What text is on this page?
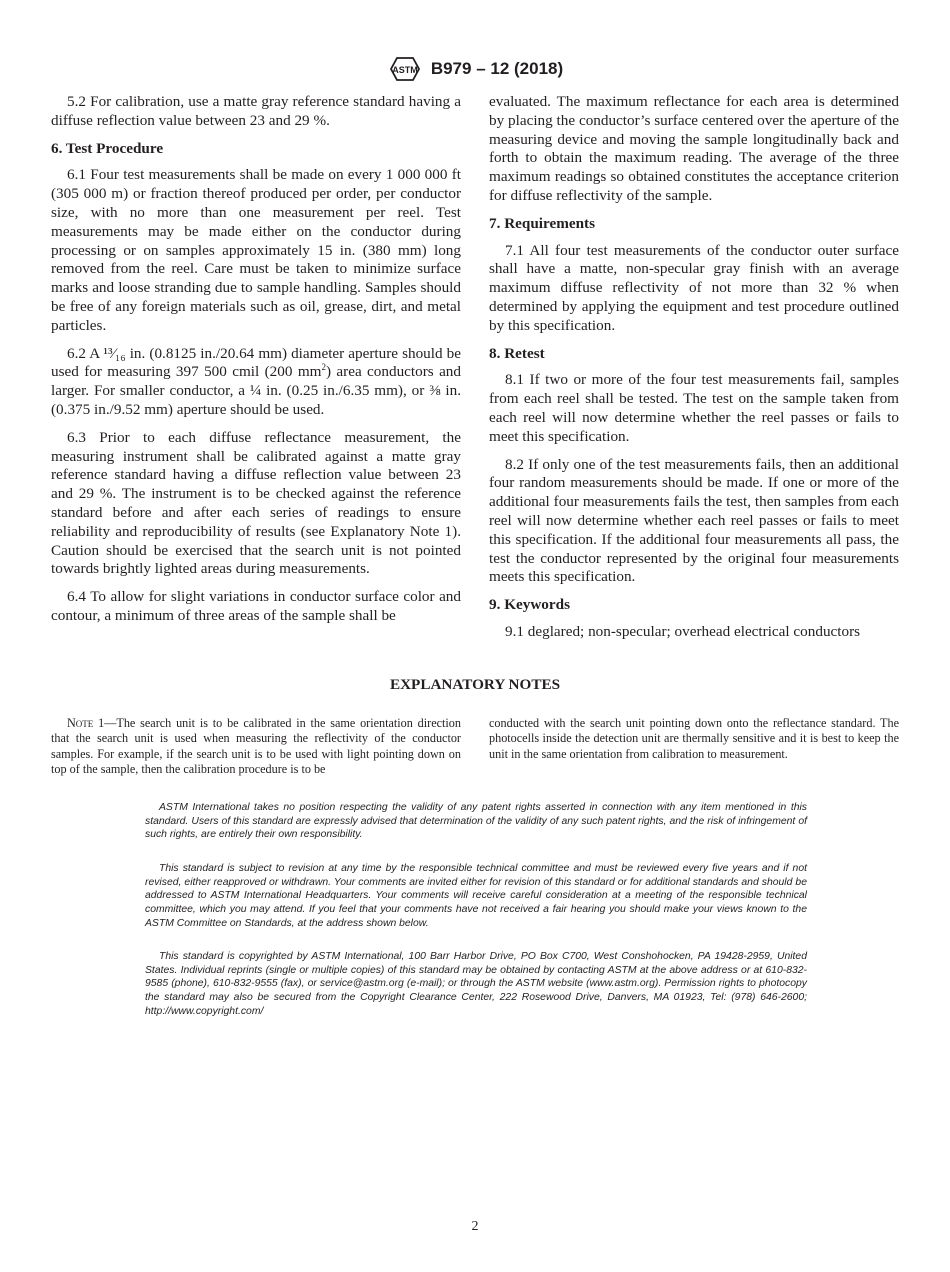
ASTM B979 – 12 (2018)

5.2 For calibration, use a matte gray reference standard having a diffuse reflection value between 23 and 29 %.

6. Test Procedure

6.1 Four test measurements shall be made on every 1 000 000 ft (305 000 m) or fraction thereof produced per order, per conductor size, with no more than one measurement per reel. Test measurements may be made either on the conductor during processing or on samples approximately 15 in. (380 mm) long removed from the reel. Care must be taken to minimize surface marks and loose stranding due to sample handling. Samples should be free of any foreign materials such as oil, grease, dirt, and metal particles.

6.2 A ¹³⁄₁₆ in. (0.8125 in./20.64 mm) diameter aperture should be used for measuring 397 500 cmil (200 $mm^2$) area conductors and larger. For smaller conductor, a ¼ in. (0.25 in./6.35 mm), or ⅜ in. (0.375 in./9.52 mm) aperture should be used.

6.3 Prior to each diffuse reflectance measurement, the measuring instrument shall be calibrated against a matte gray reference standard having a diffuse reflection value between 23 and 29 %. The instrument is to be checked against the reference standard before and after each series of readings to ensure reliability and reproducibility of results (see Explanatory Note 1). Caution should be exercised that the search unit is not pointed towards brightly lighted areas during measurements.

6.4 To allow for slight variations in conductor surface color and contour, a minimum of three areas of the sample shall be

evaluated. The maximum reflectance for each area is determined by placing the conductor’s surface centered over the aperture of the measuring device and moving the sample longitudinally back and forth to obtain the maximum reading. The average of the three maximum readings so obtained constitutes the acceptance criterion for diffuse reflectivity of the sample.

7. Requirements

7.1 All four test measurements of the conductor outer surface shall have a matte, non-specular gray finish with an average maximum diffuse reflectivity of not more than 32 % when determined by applying the equipment and test procedure outlined by this specification.

8. Retest

8.1 If two or more of the four test measurements fail, samples from each reel shall be tested. The test on the sample taken from each reel will now determine whether the reel passes or fails to meet this specification.

8.2 If only one of the test measurements fails, then an additional four random measurements should be made. If one or more of the additional four measurements fails the test, then samples from each reel will now determine whether each reel passes or fails to meet this specification. If the additional four measurements all pass, the test the conductor represented by the original four measurements meets this specification.

9. Keywords

9.1 deglared; non-specular; overhead electrical conductors

EXPLANATORY NOTES
Note 1—The search unit is to be calibrated in the same orientation direction that the search unit is used when measuring the reflectivity of the conductor samples. For example, if the search unit is to be used with light pointing down on top of the sample, then the calibration procedure is to be
conducted with the search unit pointing down onto the reflectance standard. The photocells inside the detection unit are thermally sensitive and it is best to keep the unit in the same orientation from calibration to measurement.

ASTM International takes no position respecting the validity of any patent rights asserted in connection with any item mentioned in this standard. Users of this standard are expressly advised that determination of the validity of any such patent rights, and the risk of infringement of such rights, are entirely their own responsibility.

This standard is subject to revision at any time by the responsible technical committee and must be reviewed every five years and if not revised, either reapproved or withdrawn. Your comments are invited either for revision of this standard or for additional standards and should be addressed to ASTM International Headquarters. Your comments will receive careful consideration at a meeting of the responsible technical committee, which you may attend. If you feel that your comments have not received a fair hearing you should make your views known to the ASTM Committee on Standards, at the address shown below.

This standard is copyrighted by ASTM International, 100 Barr Harbor Drive, PO Box C700, West Conshohocken, PA 19428-2959, United States. Individual reprints (single or multiple copies) of this standard may be obtained by contacting ASTM at the above address or at 610-832-9585 (phone), 610-832-9555 (fax), or service@astm.org (e-mail); or through the ASTM website (www.astm.org). Permission rights to photocopy the standard may also be secured from the Copyright Clearance Center, 222 Rosewood Drive, Danvers, MA 01923, Tel: (978) 646-2600; http://www.copyright.com/

2
